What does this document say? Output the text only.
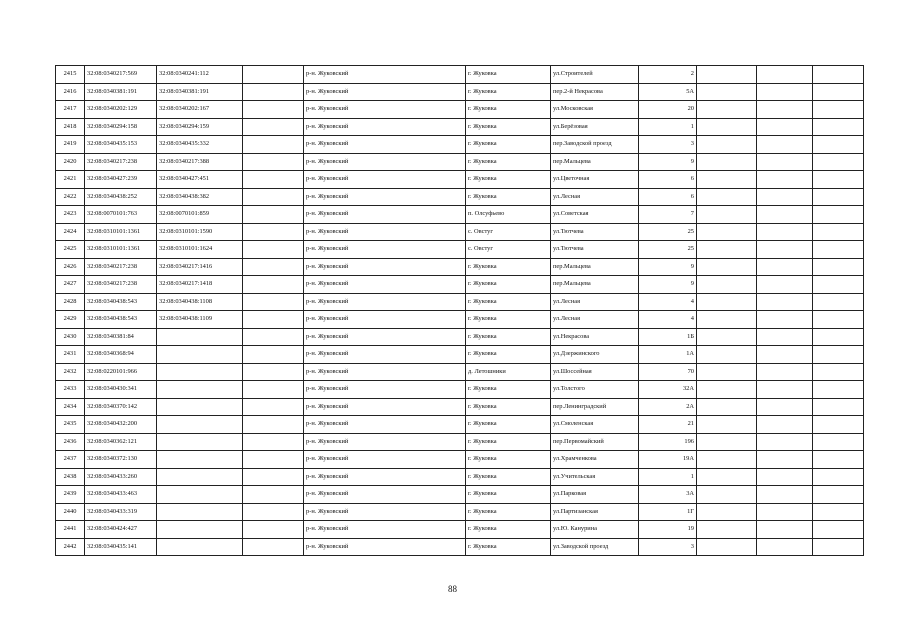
2415	32:08:0340217:569	32:08:0340241:112		р-н. Жуковский	г. Жуковка	ул.Строителей	2			
2416	32:08:0340381:191	32:08:0340381:191		р-н. Жуковский	г. Жуковка	пер.2-й Некрасова	5А			
2417	32:08:0340202:129	32:08:0340202:167		р-н. Жуковский	г. Жуковка	ул.Московская	20			
2418	32:08:0340294:158	32:08:0340294:159		р-н. Жуковский	г. Жуковка	ул.Берёзовая	1			
2419	32:08:0340435:153	32:08:0340435:332		р-н. Жуковский	г. Жуковка	пер.Заводской проезд	3			
2420	32:08:0340217:238	32:08:0340217:388		р-н. Жуковский	г. Жуковка	пер.Мальцева	9			
2421	32:08:0340427:239	32:08:0340427:451		р-н. Жуковский	г. Жуковка	ул.Цветочная	6			
2422	32:08:0340438:252	32:08:0340438:382		р-н. Жуковский	г. Жуковка	ул.Лесная	6			
2423	32:08:0070101:763	32:08:0070101:859		р-н. Жуковский	п. Олсуфьево	ул.Советская	7			
2424	32:08:0310101:1361	32:08:0310101:1590		р-н. Жуковский	с. Овстуг	ул.Тютчева	25			
2425	32:08:0310101:1361	32:08:0310101:1624		р-н. Жуковский	с. Овстуг	ул.Тютчева	25			
2426	32:08:0340217:238	32:08:0340217:1416		р-н. Жуковский	г. Жуковка	пер.Мальцева	9			
2427	32:08:0340217:238	32:08:0340217:1418		р-н. Жуковский	г. Жуковка	пер.Мальцева	9			
2428	32:08:0340438:543	32:08:0340438:1108		р-н. Жуковский	г. Жуковка	ул.Лесная	4			
2429	32:08:0340438:543	32:08:0340438:1109		р-н. Жуковский	г. Жуковка	ул.Лесная	4			
2430	32:08:0340381:84			р-н. Жуковский	г. Жуковка	ул.Некрасова	1Б			
2431	32:08:0340368:94			р-н. Жуковский	г. Жуковка	ул.Дзержинского	1А			
2432	32:08:0220101:966			р-н. Жуковский	д. Летошники	ул.Шоссейная	70			
2433	32:08:0340430:341			р-н. Жуковский	г. Жуковка	ул.Толстого	32А			
2434	32:08:0340370:142			р-н. Жуковский	г. Жуковка	пер.Ленинградский	2А			
2435	32:08:0340432:200			р-н. Жуковский	г. Жуковка	ул.Смоленская	21			
2436	32:08:0340362:121			р-н. Жуковский	г. Жуковка	пер.Первомайский	196			
2437	32:08:0340372:130			р-н. Жуковский	г. Жуковка	ул.Храмченкова	19А			
2438	32:08:0340433:260			р-н. Жуковский	г. Жуковка	ул.Учительская	1			
2439	32:08:0340433:463			р-н. Жуковский	г. Жуковка	ул.Парковая	3А			
2440	32:08:0340433:319			р-н. Жуковский	г. Жуковка	ул.Партизанская	1Г			
2441	32:08:0340424:427			р-н. Жуковский	г. Жуковка	ул.Ю. Канурина	19			
2442	32:08:0340435:141			р-н. Жуковский	г. Жуковка	ул.Заводской проезд	3			
88
